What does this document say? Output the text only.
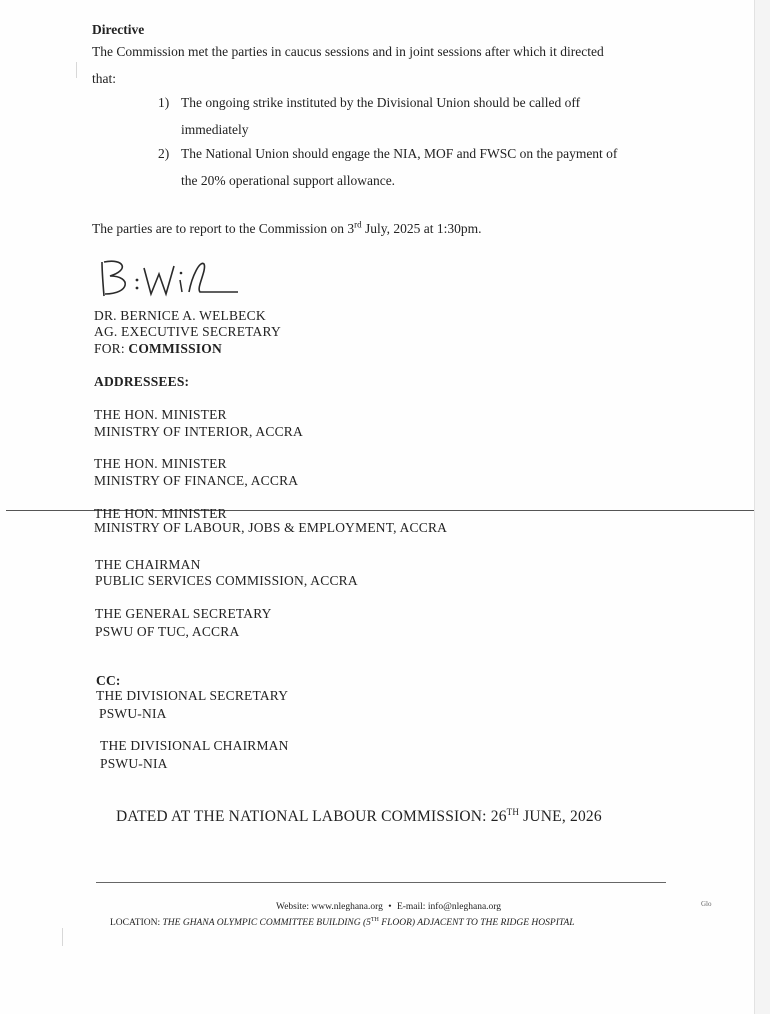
Directive
The Commission met the parties in caucus sessions and in joint sessions after which it directed
that:
1) The ongoing strike instituted by the Divisional Union should be called off
immediately
2) The National Union should engage the NIA, MOF and FWSC on the payment of
the 20% operational support allowance.
The parties are to report to the Commission on 3rd July, 2025 at 1:30pm.
DR. BERNICE A. WELBECK
AG. EXECUTIVE SECRETARY
FOR: COMMISSION
ADDRESSEES:
THE HON. MINISTER
MINISTRY OF INTERIOR, ACCRA
THE HON. MINISTER
MINISTRY OF FINANCE, ACCRA
THE HON. MINISTER
MINISTRY OF LABOUR, JOBS & EMPLOYMENT, ACCRA
THE CHAIRMAN
PUBLIC SERVICES COMMISSION, ACCRA
THE GENERAL SECRETARY
PSWU OF TUC, ACCRA
CC:
THE DIVISIONAL SECRETARY
PSWU-NIA
THE DIVISIONAL CHAIRMAN
PSWU-NIA
DATED AT THE NATIONAL LABOUR COMMISSION: 26TH JUNE, 2026
Website: www.nleghana.org • E-mail: info@nleghana.org
LOCATION: THE GHANA OLYMPIC COMMITTEE BUILDING (5TH FLOOR) ADJACENT TO THE RIDGE HOSPITAL
Glo
